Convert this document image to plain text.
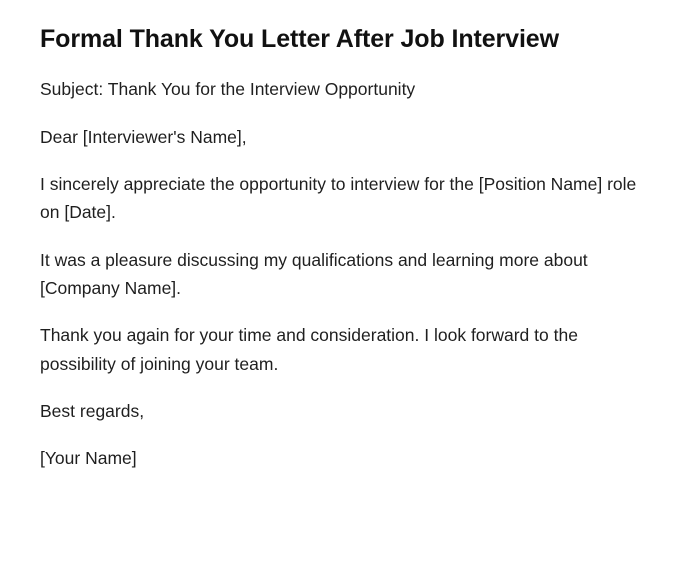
Formal Thank You Letter After Job Interview

Subject: Thank You for the Interview Opportunity

Dear [Interviewer's Name],

I sincerely appreciate the opportunity to interview for the [Position Name] role on [Date].

It was a pleasure discussing my qualifications and learning more about [Company Name].

Thank you again for your time and consideration. I look forward to the possibility of joining your team.

Best regards,

[Your Name]
